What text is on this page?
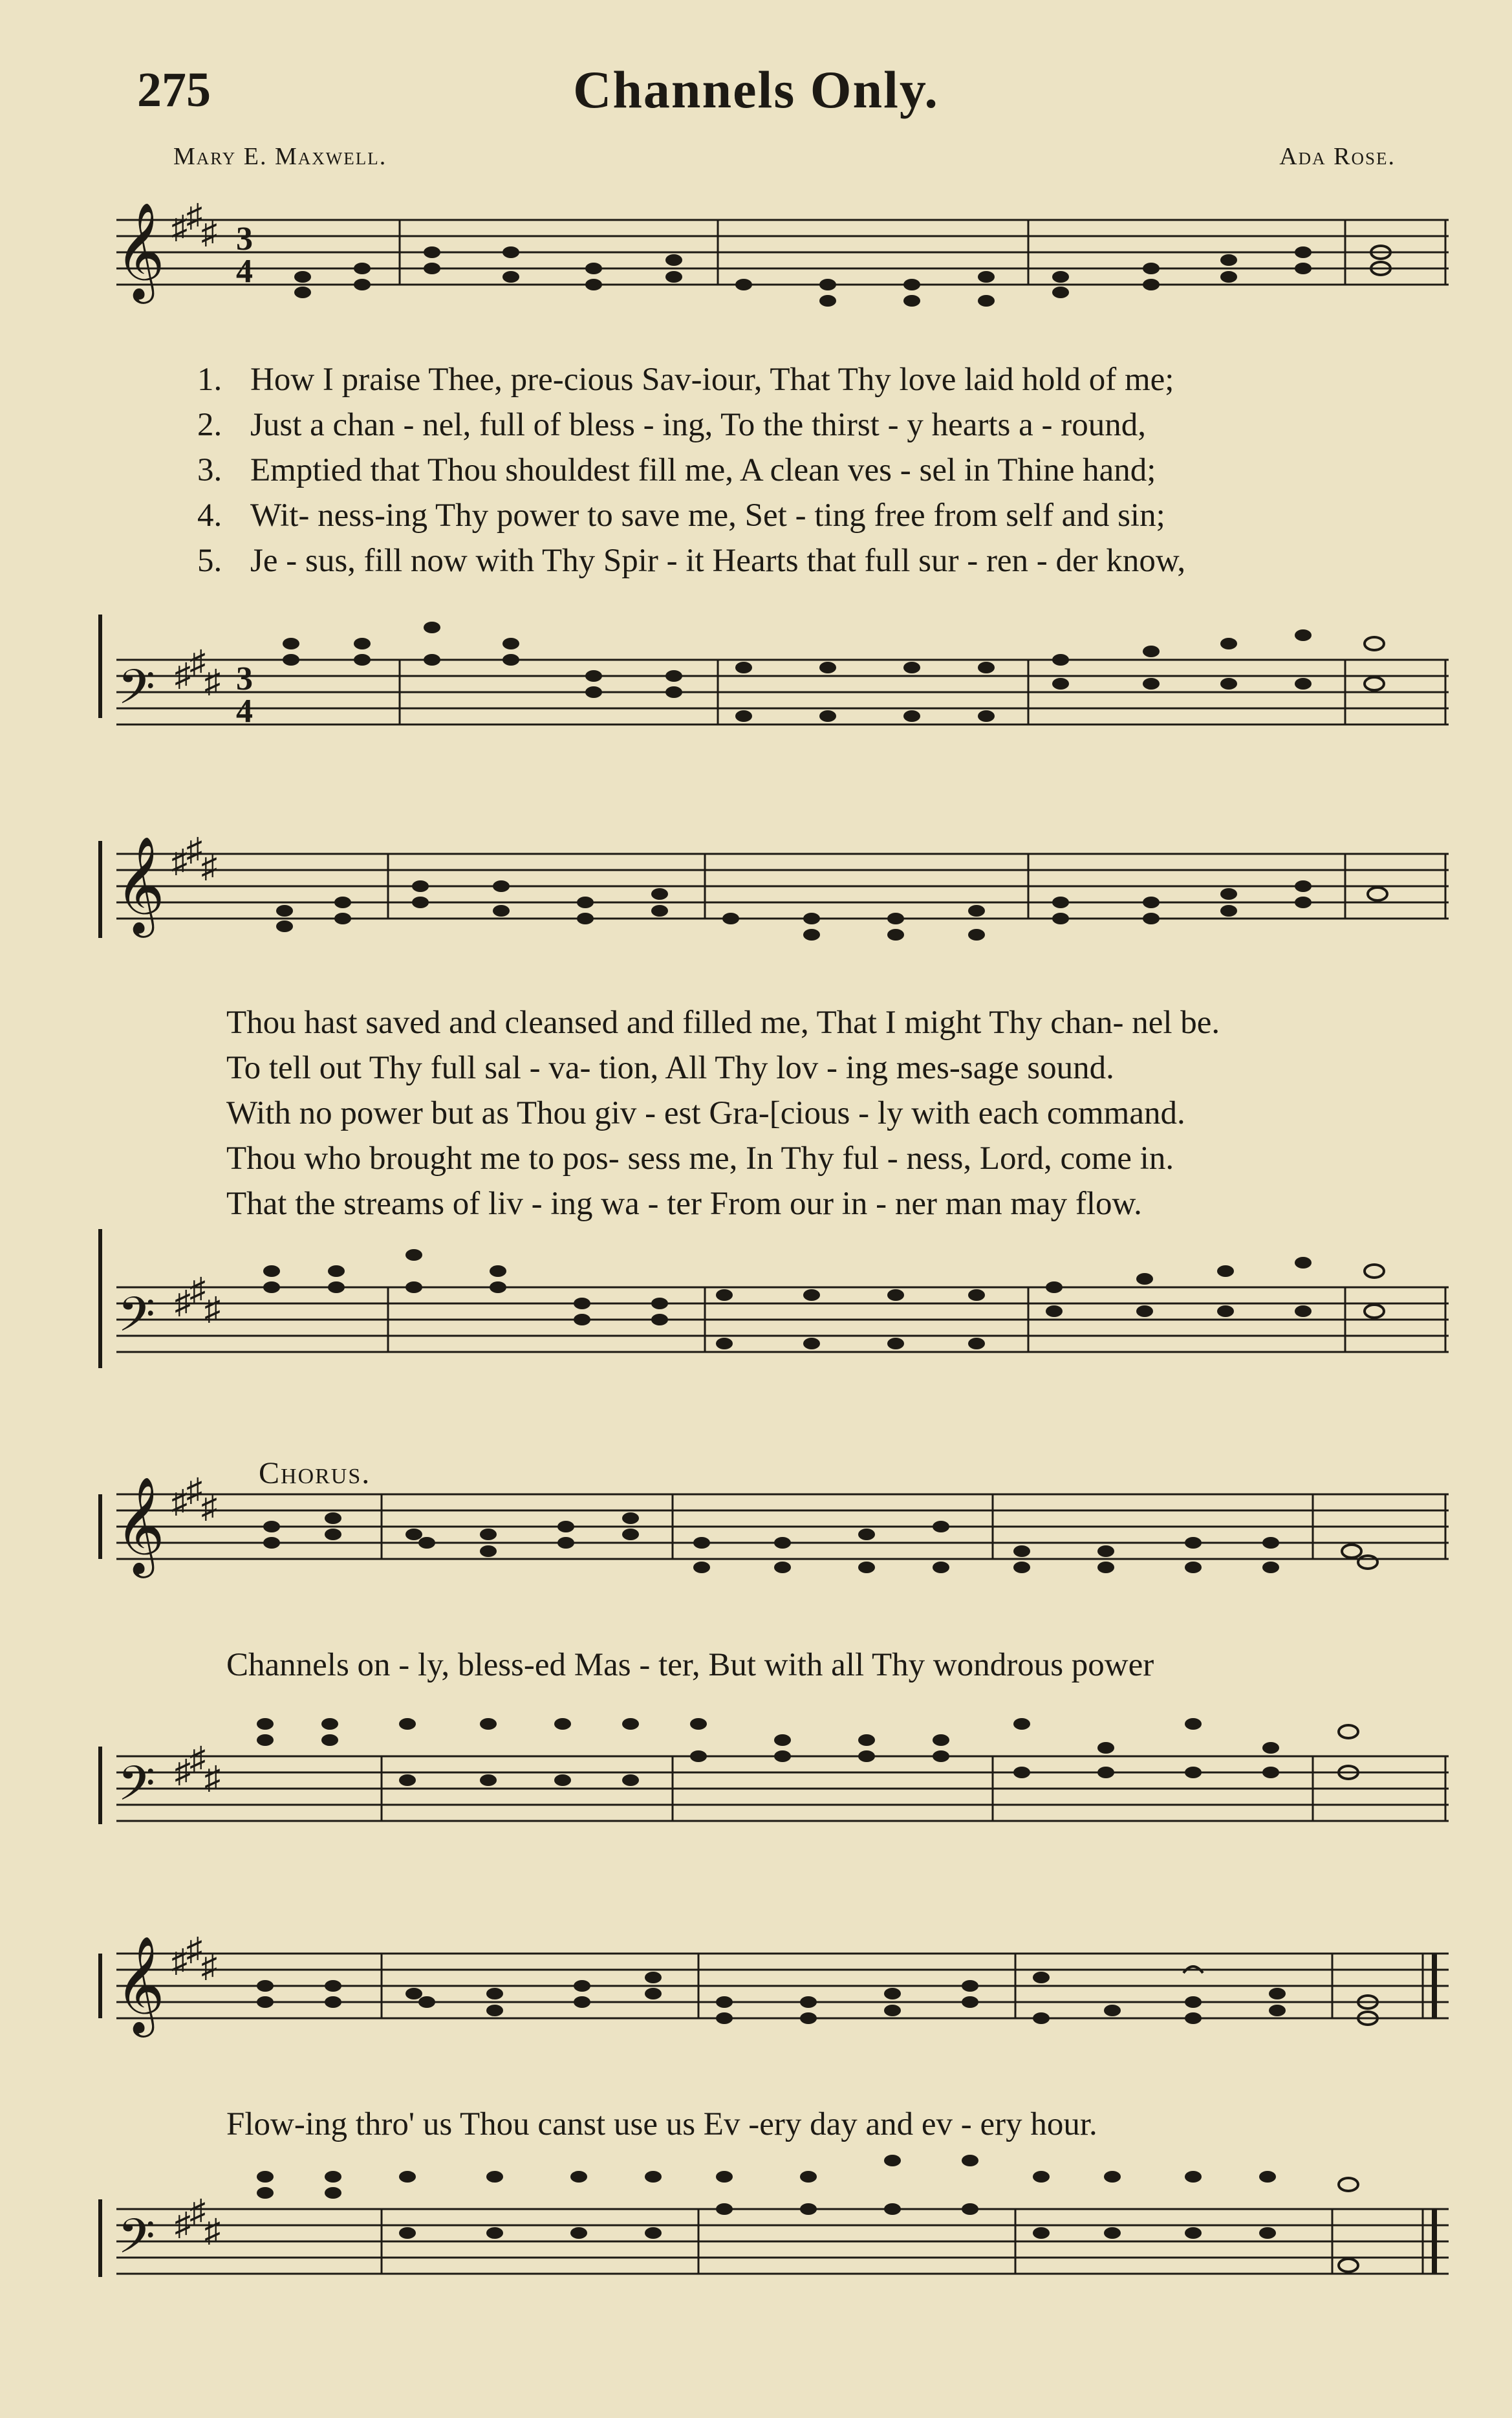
275	Channels Only.
Mary E. Maxwell.	Ada Rose.
𝄞 ♯
♯
♯ 3
4
1. How I praise Thee, pre-cious Sav-iour, That Thy love laid hold of me;
2. Just a chan - nel, full of bless - ing, To the thirst - y hearts a - round,
3. Emptied that Thou shouldest fill me, A clean ves - sel in Thine hand;
4. Wit- ness-ing Thy power to save me, Set - ting free from self and sin;
5. Je - sus, fill now with Thy Spir - it Hearts that full sur - ren - der know,
𝄢 ♯
♯
♯ 3
4
𝄞 ♯
♯
♯
Thou hast saved and cleansed and filled me, That I might Thy chan- nel be.
To tell out Thy full sal - va- tion, All Thy lov - ing mes-sage sound.
With no power but as Thou giv - est Gra-[cious - ly with each command.
Thou who brought me to pos- sess me, In Thy ful - ness, Lord, come in.
That the streams of liv - ing wa - ter From our in - ner man may flow.
𝄢 ♯
♯
♯
Chorus.
𝄞 ♯
♯
♯
Channels on - ly, bless-ed Mas - ter, But with all Thy wondrous power
𝄢 ♯
♯
♯
𝄞 ♯
♯
♯
Flow-ing thro' us Thou canst use us Ev -ery day and ev - ery hour.
𝄢 ♯
♯
♯
